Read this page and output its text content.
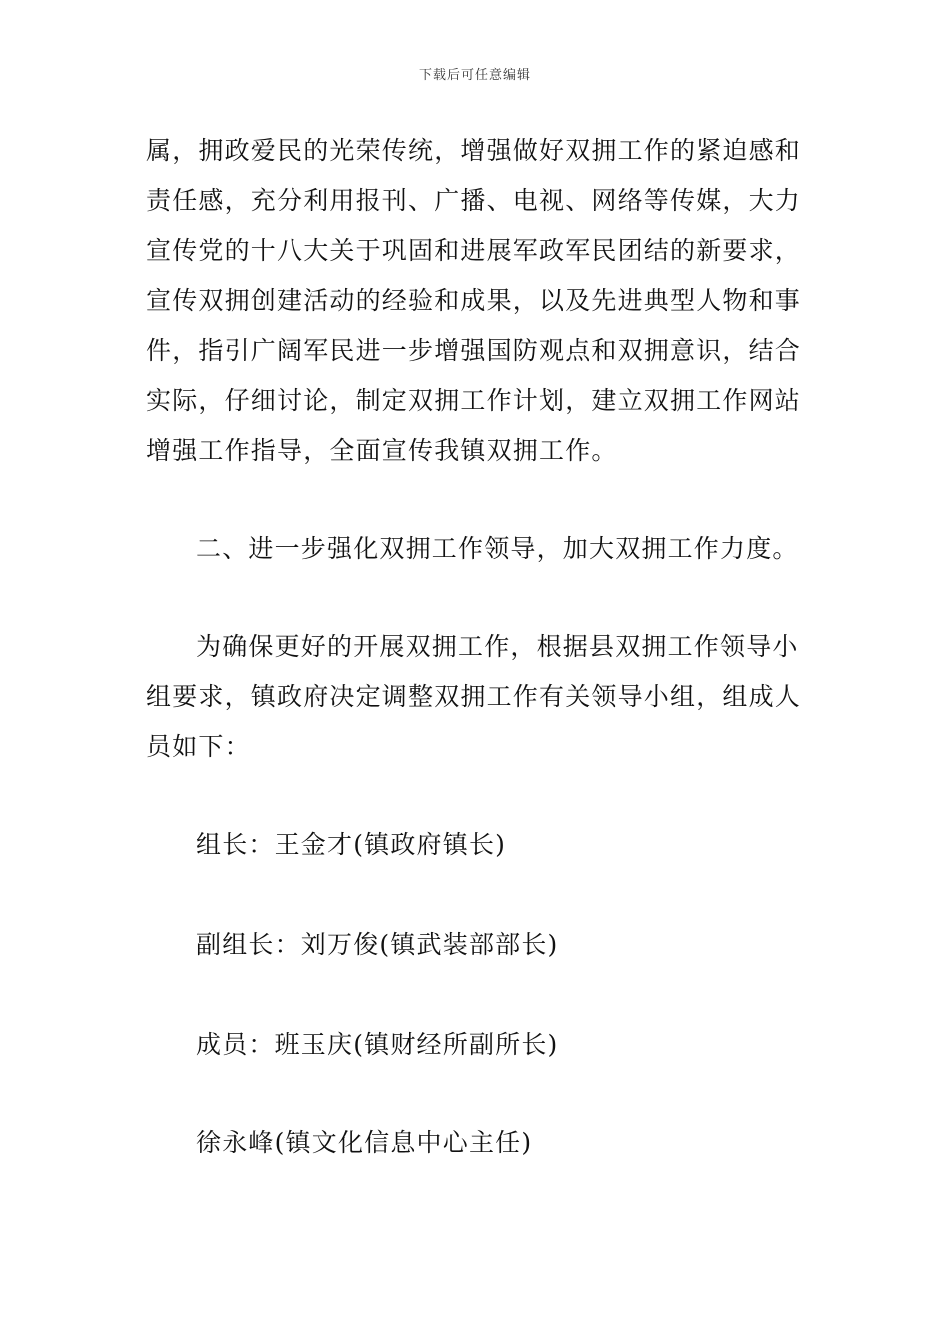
下载后可任意编辑
属，拥政爱民的光荣传统，增强做好双拥工作的紧迫感和
责任感，充分利用报刊、广播、电视、网络等传媒，大力
宣传党的十八大关于巩固和进展军政军民团结的新要求，
宣传双拥创建活动的经验和成果，以及先进典型人物和事
件，指引广阔军民进一步增强国防观点和双拥意识，结合
实际，仔细讨论，制定双拥工作计划，建立双拥工作网站
增强工作指导，全面宣传我镇双拥工作。
二、进一步强化双拥工作领导，加大双拥工作力度。
为确保更好的开展双拥工作，根据县双拥工作领导小
组要求，镇政府决定调整双拥工作有关领导小组，组成人
员如下：
组长：王金才(镇政府镇长)
副组长：刘万俊(镇武装部部长)
成员：班玉庆(镇财经所副所长)
徐永峰(镇文化信息中心主任)
